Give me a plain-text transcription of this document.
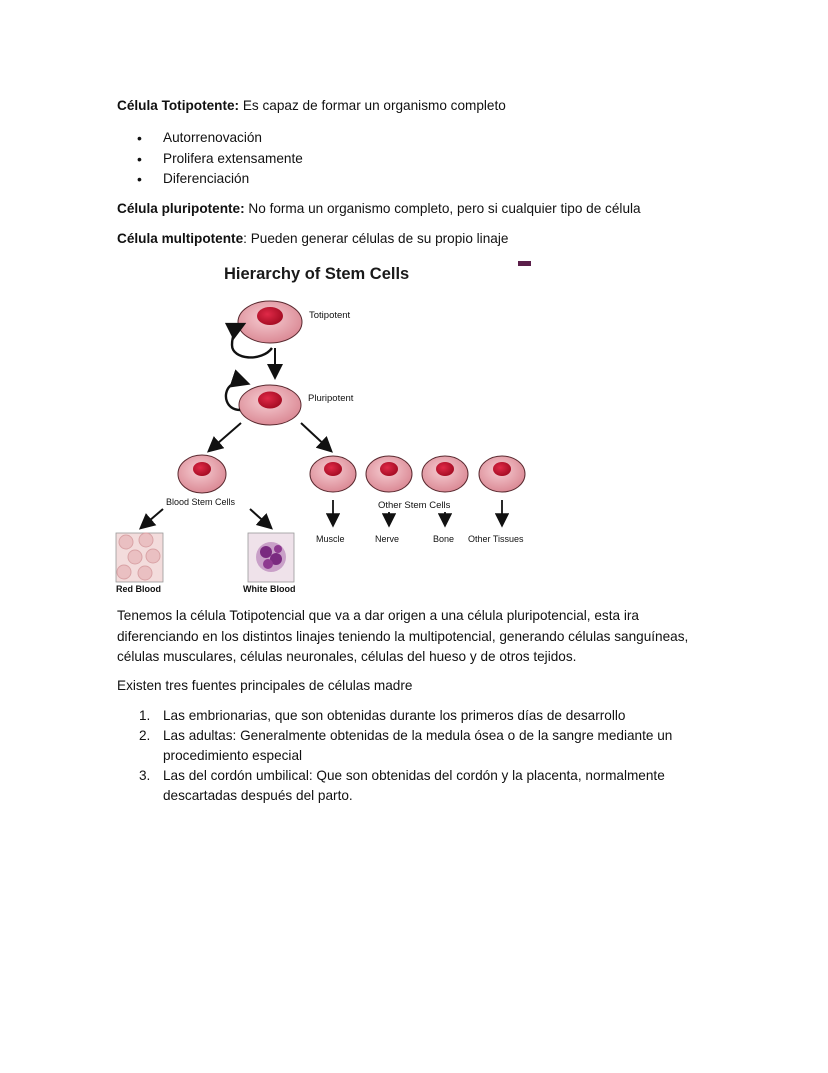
Célula Totipotente: Es capaz de formar un organismo completo
• Autorrenovación
• Prolifera extensamente
• Diferenciación
Célula pluripotente: No forma un organismo completo, pero si cualquier tipo de célula
Célula multipotente: Pueden generar células de su propio linaje
Hierarchy of Stem Cells
Totipotent
Pluripotent
Blood Stem Cells	Other Stem Cells
Muscle	Nerve	Bone Other Tissues
Red Blood	White Blood
Tenemos la célula Totipotencial que va a dar origen a una célula pluripotencial, esta ira
diferenciando en los distintos linajes teniendo la multipotencial, generando células sanguíneas,
células musculares, células neuronales, células del hueso y de otros tejidos.
Existen tres fuentes principales de células madre
1. Las embrionarias, que son obtenidas durante los primeros días de desarrollo
2. Las adultas: Generalmente obtenidas de la medula ósea o de la sangre mediante un
procedimiento especial
3. Las del cordón umbilical: Que son obtenidas del cordón y la placenta, normalmente
descartadas después del parto.
